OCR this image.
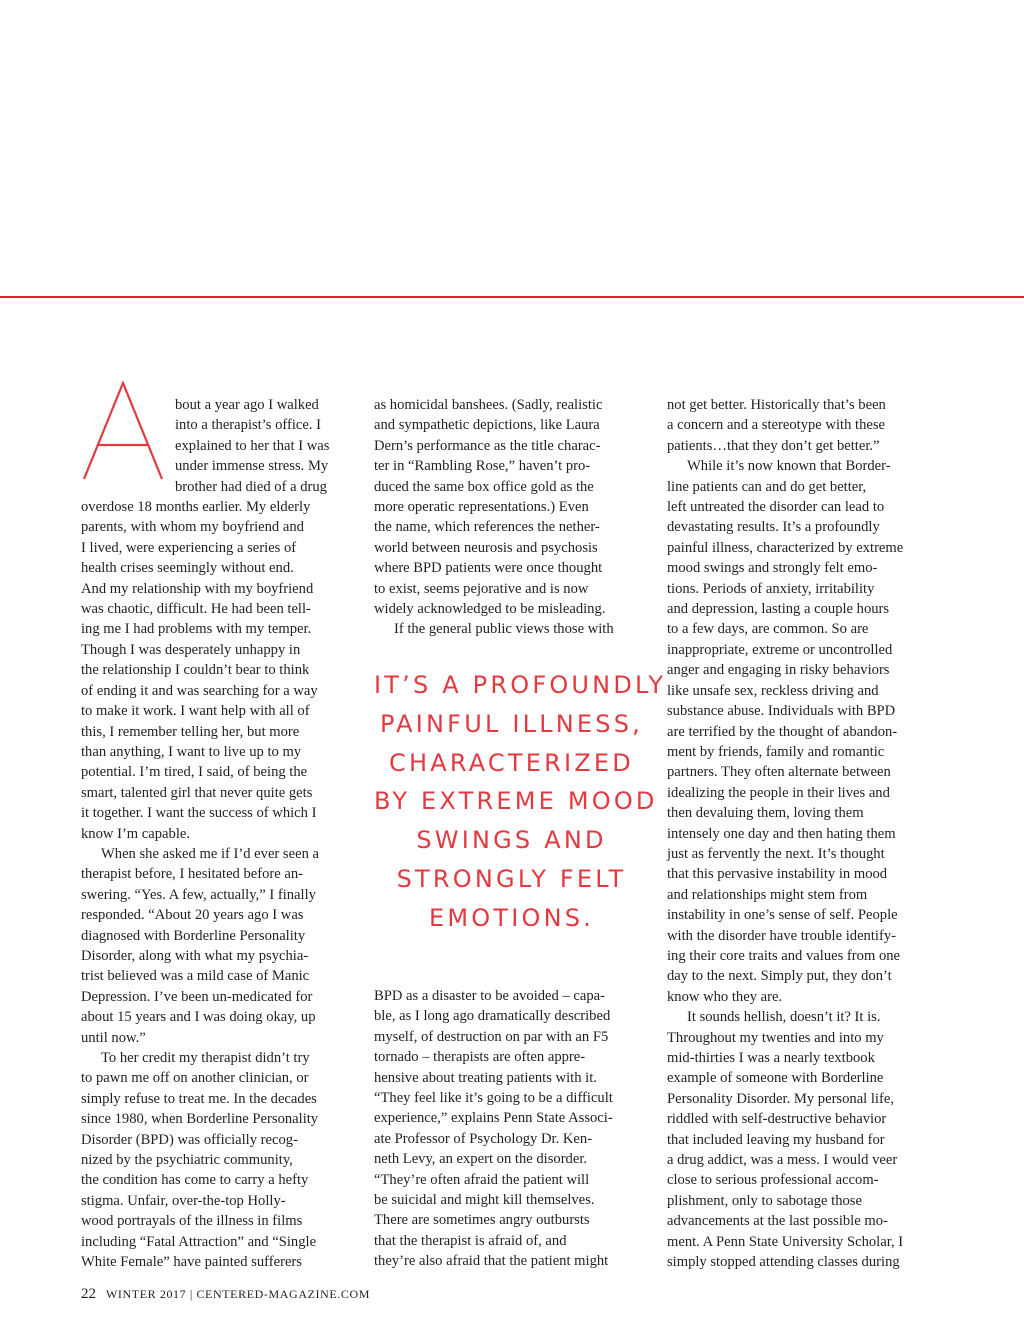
bout a year ago I walked
into a therapist’s office. I
explained to her that I was
under immense stress. My
brother had died of a drug
overdose 18 months earlier. My elderly
parents, with whom my boyfriend and
I lived, were experiencing a series of
health crises seemingly without end.
And my relationship with my boyfriend
was chaotic, difficult. He had been tell-
ing me I had problems with my temper.
Though I was desperately unhappy in
the relationship I couldn’t bear to think
of ending it and was searching for a way
to make it work. I want help with all of
this, I remember telling her, but more
than anything, I want to live up to my
potential. I’m tired, I said, of being the
smart, talented girl that never quite gets
it together. I want the success of which I
know I’m capable.
When she asked me if I’d ever seen a
therapist before, I hesitated before an-
swering. “Yes. A few, actually,” I finally
responded. “About 20 years ago I was
diagnosed with Borderline Personality
Disorder, along with what my psychia-
trist believed was a mild case of Manic
Depression. I’ve been un-medicated for
about 15 years and I was doing okay, up
until now.”
To her credit my therapist didn’t try
to pawn me off on another clinician, or
simply refuse to treat me. In the decades
since 1980, when Borderline Personality
Disorder (BPD) was officially recog-
nized by the psychiatric community,
the condition has come to carry a hefty
stigma. Unfair, over-the-top Holly-
wood portrayals of the illness in films
including “Fatal Attraction” and “Single
White Female” have painted sufferers
as homicidal banshees. (Sadly, realistic
and sympathetic depictions, like Laura
Dern’s performance as the title charac-
ter in “Rambling Rose,” haven’t pro-
duced the same box office gold as the
more operatic representations.) Even
the name, which references the nether-
world between neurosis and psychosis
where BPD patients were once thought
to exist, seems pejorative and is now
widely acknowledged to be misleading.
If the general public views those with
IT’S A PROFOUNDLY
PAINFUL ILLNESS,
CHARACTERIZED
BY EXTREME MOOD
SWINGS AND
STRONGLY FELT
EMOTIONS.
BPD as a disaster to be avoided – capa-
ble, as I long ago dramatically described
myself, of destruction on par with an F5
tornado – therapists are often appre-
hensive about treating patients with it.
“They feel like it’s going to be a difficult
experience,” explains Penn State Associ-
ate Professor of Psychology Dr. Ken-
neth Levy, an expert on the disorder.
“They’re often afraid the patient will
be suicidal and might kill themselves.
There are sometimes angry outbursts
that the therapist is afraid of, and
they’re also afraid that the patient might
not get better. Historically that’s been
a concern and a stereotype with these
patients…that they don’t get better.”
While it’s now known that Border-
line patients can and do get better,
left untreated the disorder can lead to
devastating results. It’s a profoundly
painful illness, characterized by extreme
mood swings and strongly felt emo-
tions. Periods of anxiety, irritability
and depression, lasting a couple hours
to a few days, are common. So are
inappropriate, extreme or uncontrolled
anger and engaging in risky behaviors
like unsafe sex, reckless driving and
substance abuse. Individuals with BPD
are terrified by the thought of abandon-
ment by friends, family and romantic
partners. They often alternate between
idealizing the people in their lives and
then devaluing them, loving them
intensely one day and then hating them
just as fervently the next. It’s thought
that this pervasive instability in mood
and relationships might stem from
instability in one’s sense of self. People
with the disorder have trouble identify-
ing their core traits and values from one
day to the next. Simply put, they don’t
know who they are.
It sounds hellish, doesn’t it? It is.
Throughout my twenties and into my
mid-thirties I was a nearly textbook
example of someone with Borderline
Personality Disorder. My personal life,
riddled with self-destructive behavior
that included leaving my husband for
a drug addict, was a mess. I would veer
close to serious professional accom-
plishment, only to sabotage those
advancements at the last possible mo-
ment. A Penn State University Scholar, I
simply stopped attending classes during
22 WINTER 2017 | CENTERED-MAGAZINE.COM
